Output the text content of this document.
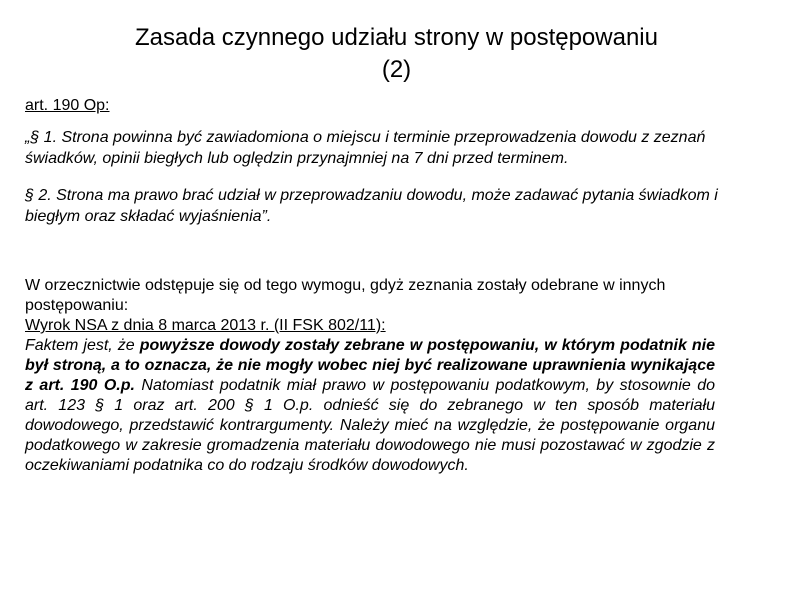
Zasada czynnego udziału strony w postępowaniu
(2)
art. 190 Op:
„§ 1. Strona powinna być zawiadomiona o miejscu i terminie przeprowadzenia dowodu z zeznań świadków, opinii biegłych lub oględzin przynajmniej na 7 dni przed terminem.
§ 2. Strona ma prawo brać udział w przeprowadzaniu dowodu, może zadawać pytania świadkom i biegłym oraz składać wyjaśnienia”.
W orzecznictwie odstępuje się od tego wymogu, gdyż zeznania zostały odebrane w innych postępowaniu:
Wyrok NSA z dnia 8 marca 2013 r. (II FSK 802/11):
Faktem jest, że powyższe dowody zostały zebrane w postępowaniu, w którym podatnik nie był stroną, a to oznacza, że nie mogły wobec niej być realizowane uprawnienia wynikające z art. 190 O.p. Natomiast podatnik miał prawo w postępowaniu podatkowym, by stosownie do art. 123 § 1 oraz art. 200 § 1 O.p. odnieść się do zebranego w ten sposób materiału dowodowego, przedstawić kontrargumenty. Należy mieć na względzie, że postępowanie organu podatkowego w zakresie gromadzenia materiału dowodowego nie musi pozostawać w zgodzie z oczekiwaniami podatnika co do rodzaju środków dowodowych.
